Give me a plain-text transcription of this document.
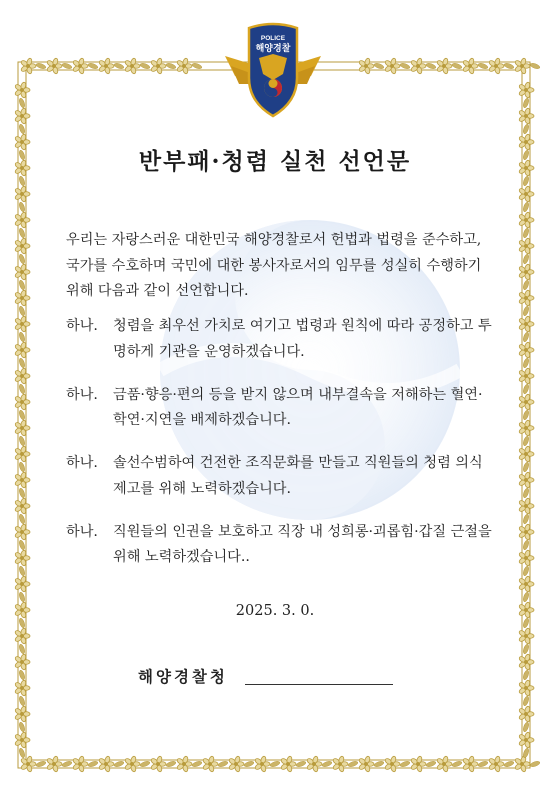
POLICE
해양경찰
반부패·청렴 실천 선언문
우리는 자랑스러운 대한민국 해양경찰로서 헌법과 법령을 준수하고, 국가를 수호하며 국민에 대한 봉사자로서의 임무를 성실히 수행하기 위해 다음과 같이 선언합니다.
하나. 청렴을 최우선 가치로 여기고 법령과 원칙에 따라 공정하고 투명하게 기관을 운영하겠습니다.
하나. 금품·향응·편의 등을 받지 않으며 내부결속을 저해하는 혈연·학연·지연을 배제하겠습니다.
하나. 솔선수범하여 건전한 조직문화를 만들고 직원들의 청렴 의식 제고를 위해 노력하겠습니다.
하나. 직원들의 인권을 보호하고 직장 내 성희롱·괴롭힘·갑질 근절을 위해 노력하겠습니다..
2025. 3. 0.
해양경찰청
